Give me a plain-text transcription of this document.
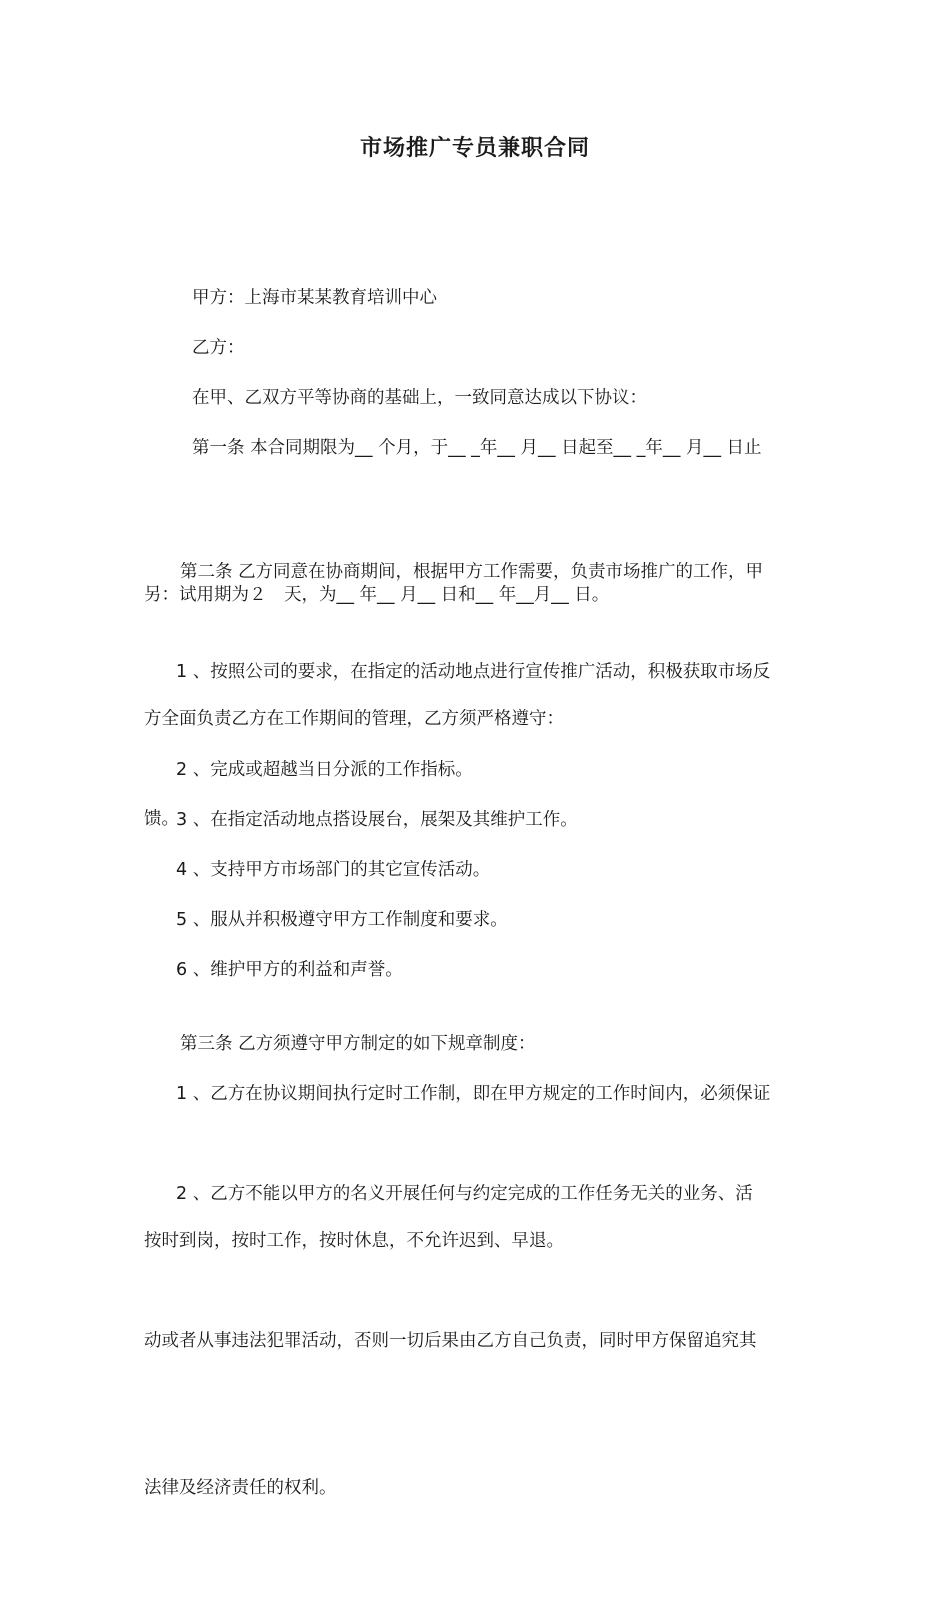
市场推广专员兼职合同

甲方：上海市某某教育培训中心

乙方：

在甲、乙双方平等协商的基础上，一致同意达成以下协议：

第一条 本合同期限为__ 个月，于__ _年__ 月__ 日起至__ _年__ 月__ 日止

另：试用期为２　天，为__ 年__ 月__ 日和__ 年__月__ 日。

第二条 乙方同意在协商期间，根据甲方工作需要，负责市场推广的工作，甲

方全面负责乙方在工作期间的管理，乙方须严格遵守：

1 、按照公司的要求，在指定的活动地点进行宣传推广活动，积极获取市场反

馈。

2 、完成或超越当日分派的工作指标。

3 、在指定活动地点搭设展台，展架及其维护工作。

4 、支持甲方市场部门的其它宣传活动。

5 、服从并积极遵守甲方工作制度和要求。

6 、维护甲方的利益和声誉。

第三条 乙方须遵守甲方制定的如下规章制度：

1 、乙方在协议期间执行定时工作制，即在甲方规定的工作时间内，必须保证

按时到岗，按时工作，按时休息，不允许迟到、早退。

2 、乙方不能以甲方的名义开展任何与约定完成的工作任务无关的业务、活

动或者从事违法犯罪活动，否则一切后果由乙方自己负责，同时甲方保留追究其

法律及经济责任的权利。
